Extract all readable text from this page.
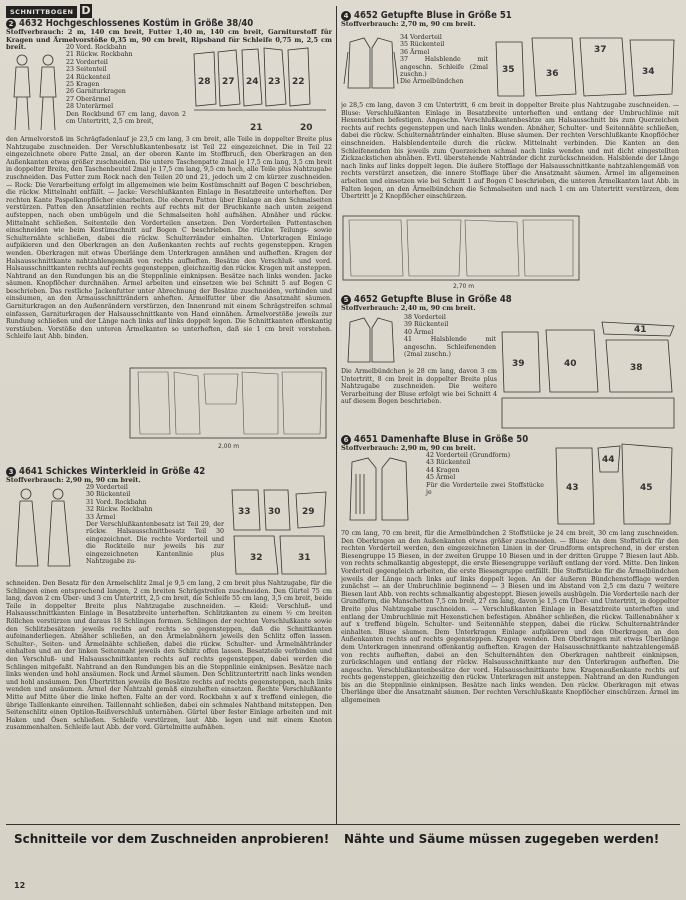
SCHNITTBOGEN D
2 4632 Hochgeschlossenes Kostüm in Größe 38/40
Stoffverbrauch: 2 m, 140 cm breit, Futter 1,40 m, 140 cm breit, Garniturstoff für Kragen und Ärmelvorstöße 0,35 m, 90 cm breit, Ripsband für Schleife 0,75 m, 2,5 cm breit.	20 Vord. Rockbahn
21 Rückw. Rockbahn
22 Vorderteil
23 Seitenteil
24 Rückenteil
25 Kragen
26 Garniturkragen
27 Oberärmel
28 Unterärmel
Den Rockbund 67 cm lang, davon 2 cm Untertritt, 2,5 cm breit,
28 27 24 23 22
21	20
den Ärmelvorstoß im Schrägfadenlauf je 23,5 cm lang, 3 cm breit, alle Teile in doppelter Breite plus Nahtzugabe zuschneiden. Der Verschlußkantenbesatz ist Teil 22 eingezeichnet. Die in Teil 22 eingezeichnete obere Patte 2mal, an der oberen Kante im Stoffbruch, den Oberkragen an den Außenkanten etwas größer zuschneiden. Die untere Taschenpatte 2mal je 17,5 cm lang, 3,5 cm breit in doppelter Breite, den Taschenbeutel 2mal je 17,5 cm lang, 9,5 cm hoch, alle Teile plus Nahtzugabe zuschneiden. Das Futter zum Rock nach den Teilen 20 und 21, jedoch um 2 cm kürzer zuschneiden. — Rock: Die Verarbeitung erfolgt im allgemeinen wie beim Kostümschnitt auf Bogen C beschrieben, die rückw. Mittelnaht entfällt. — Jacke: Verschlußkanten Einlage in Besatzbreite unterheften. Der rechten Kante Paspelknopflöcher einarbeiten. Die oberen Patten über Einlage an den Schmalseiten verstürzen. Patten den Ansatzlinien rechts auf rechts mit der Bruchkante nach unten zeigend aufsteppen, nach oben umbügeln und die Schmalseiten hohl aufnähen. Abnäher und rückw. Mittelnaht schließen. Seitenteile den Vorderteilen ansetzen. Den Vorderteilen Pattentaschen einschneiden wie beim Kostümschnitt auf Bogen C beschrieben. Die rückw. Teilungs- sowie Schulternähte schließen, dabei die rückw. Schulterränder einhalten. Unterkragen Einlage aufpikieren und den Oberkragen an den Außenkanten rechts auf rechts gegensteppen. Kragen wenden. Oberkragen mit etwas Überlänge dem Unterkragen annähen und aufheften. Kragen der Halsausschnittkante nahtzahlengemäß von rechts aufheften. Besätze den Verschluß- und vord. Halsausschnittkanten rechts auf rechts gegensteppen, gleichzeitig den rückw. Kragen mit ansteppen. Nahtrand an den Rundungen bis an die Steppnlinie einknipsen. Besätze nach links wenden. Jacke säumen. Knopflöcher durchnähen. Ärmel arbeiten und einsetzen wie bei Schnitt 5 auf Bogen C beschrieben. Das restliche Jackenfutter unter Abrechnung der Besätze zuschneiden, verbinden und einsäumen, an den Armausschnitträndern anheften. Ärmelfutter über die Ansatznaht säumen. Garniturkragen an den Außenrändern verstürzen, den Innenrand mit einem Schrägstreifen schmal einfassen, Garniturkragen der Halsausschnittkante von Hand einnähen. Ärmelvorstöße jeweils zur Rundung schließen und der Länge nach links auf links doppelt legen. Die Schnittkanten offenkantig verstäuben. Vorstöße den unteren Ärmelkanten so unterheften, daß sie 1 cm breit vorstehen. Schleife laut Abb. binden.
2,00 m
3 4641 Schickes Winterkleid in Größe 42
Stoffverbrauch: 2,90 m, 90 cm breit.
29 Vorderteil
30 Rückenteil
31 Vord. Rockbahn
32 Rückw. Rockbahn
33 Ärmel
Der Verschlußkantenbesatz ist Teil 29, der rückw. Halsausschnittbesatz Teil 30 eingezeichnet. Die rechte Vorderteil und die Rockteile nur jeweils bis zur eingezeichneten Kantenlinie plus Nahtzugabe zu-
33 30 29
32	31
schneiden. Den Besatz für den Ärmelschlitz 2mal je 9,5 cm lang, 2 cm breit plus Nahtzugabe, für die Schlingen einen entsprechend langen, 2 cm breiten Schrägstreifen zuschneiden. Den Gürtel 75 cm lang, davon 2 cm Über- und 3 cm Untertritt, 2,5 cm breit, die Schleife 55 cm lang, 3,5 cm breit, beide Teile in doppelter Breite plus Nahtzugabe zuschneiden. — Kleid: Verschluß- und Halsausschnittkanten Einlage in Besatzbreite unterheften. Schlitzkanten zu einem ½ cm breiten Röllchen verstürzen und daraus 18 Schlingen formen. Schlingen der rechten Verschlußkante sowie den Schlitzbesätzen jeweils rechts auf rechts so gegensteppen, daß die Schnittkanten aufeinanderliegen. Abnäher schließen, an den Ärmelabnähern jeweils den Schlitz offen lassen. Schulter-, Seiten- und Ärmelnähte schließen, dabei die rückw. Schulter- und Ärmelnähtränder einhalten und an der linken Seitennaht jeweils den Schlitz offen lassen. Besatzteile verbinden und den Verschluß- und Halsausschnittkanten rechts auf rechts gegensteppen, dabei werden die Schlingen mitgefaßt. Nahtrand an den Rundungen bis an die Steppnlinie einknipsen. Besätze nach links wenden und hohl ansäumen. Rock und Ärmel säumen. Den Schlitzuntertritt nach links wenden und hohl ansäumen. Den Übertritten jeweils die Besätze rechts auf rechts gegensteppen, nach links wenden und ansäumen. Ärmel der Nahtzahl gemäß einzuheften einsetzen. Rechte Verschlußkante Mitte auf Mitte über die linke heften. Falte an der vord. Rockbahn x auf x treffend einlegen, die übrige Taillenkante einreihen. Taillennaht schließen, dabei ein schmales Nahtband mitsteppen. Den Seitenschlitz einen Optilon-Reißverschluß unternähen. Gürtel über fester Einlage arbeiten und mit Haken und Ösen schließen. Schleife verstürzen, laut Abb. legen und mit einem Knoten zusammenhalten. Schleife laut Abb. der vord. Gürtelmitte aufnähen.
4 4652 Getupfte Bluse in Größe 51
Stoffverbrauch: 2,70 m, 90 cm breit.
34 Vorderteil
35 Rückenteil
36 Ärmel
37 Halsblende mit angeschn. Schleife (2mal zuschn.)
Die Ärmelbündchen
35	36
37
34
je 28,5 cm lang, davon 3 cm Untertritt, 6 cm breit in doppelter Breite plus Nahtzugabe zuschneiden. — Bluse: Verschlußkanten Einlage in Besatzbreite unterheften und entlang der Umbruchlinie mit Hexenstichen befestigen. Angeschn. Verschlußkantenbesätze am Halsausschnitt bis zum Querzeichen rechts auf rechts gegensteppen und nach links wenden. Abnäher, Schulter- und Seitennähte schließen, dabei die rückw. Schulternahtränder einhalten. Bluse säumen. Der rechten Verschlußkante Knopflöcher einschneiden. Halsblendenteile durch die rückw. Mittelnaht verbinden. Die Kanten an den Schleifenenden bis jeweils zum Querzeichen schmal nach links wenden und mit dicht eingestellten Zickzackstichen abnähen. Evtl. überstehende Nahtränder dicht zurückschneiden. Halsblende der Länge nach links auf links doppelt legen. Die äußere Stofflage der Halsausschnittkante nahtzahlengemäß von rechts verstürzt ansetzen, die innere Stofflage über die Ansatznaht säumen. Ärmel im allgemeinen arbeiten und einsetzen wie bei Schnitt 1 auf Bogen C beschrieben, die unteren Ärmelkanten laut Abb. in Falten legen, an den Ärmelbündchen die Schmalseiten und nach 1 cm am Untertritt verstürzen, dem Übertritt je 2 Knopflöcher einschürzen.
2,70 m
5 4652 Getupfte Bluse in Größe 48
Stoffverbrauch: 2,40 m, 90 cm breit.
38 Vorderteil
39 Rückenteil
40 Ärmel
41 Halsblende mit angeschn. Schleifenenden (2mal zuschn.)
Die Ärmelbündchen je 28 cm lang, davon 3 cm Untertritt, 8 cm breit in doppelter Breite plus Nahtzugabe zuschneiden. Die weitere Verarbeitung der Bluse erfolgt wie bei Schnitt 4 auf diesem Bogen beschrieben.
39	40
41
38
6 4651 Damenhafte Bluse in Größe 50
Stoffverbrauch: 2,90 m, 90 cm breit.
42 Vorderteil (Grundform)
43 Rückenteil
44 Kragen
45 Ärmel
Für die Vorderteile zwei Stoffstücke je	43
44
45
70 cm lang, 70 cm breit, für die Ärmelbündchen 2 Stoffstücke je 24 cm breit, 30 cm lang zuschneiden. Den Oberkragen an den Außenkanten etwas größer zuschneiden. — Bluse: An dem Stoffstück für den rechten Vorderteil werden, den eingezeichneten Linien in der Grundform entsprechend, in der ersten Biesengruppe 15 Biesen, in der zweiten Gruppe 10 Biesen und in der dritten Gruppe 7 Biesen laut Abb. von rechts schmalkantig abgesteppt, die erste Biesengruppe verläuft entlang der vord. Mitte. Den linken Vorderteil gegengleich arbeiten, die erste Biesengruppe entfällt. Die Stoffstücke für die Ärmelbündchen jeweils der Länge nach links auf links doppelt legen. An der äußeren Bündchenstofflage werden zunächst — an der Umbruchlinie beginnend — 3 Biesen und im Abstand von 2,5 cm dazu 7 weitere Biesen laut Abb. von rechts schmalkantig abgesteppt. Biesen jeweils ausbügeln. Die Vorderteile nach der Grundform, die Manschetten 7,5 cm breit, 27 cm lang, davon je 1,5 cm Über- und Untertritt, in doppelter Breite plus Nahtzugabe zuschneiden. — Verschlußkanten Einlage in Besatzbreite unterheften und entlang der Umbruchlinie mit Hexenstichen befestigen. Abnäher schließen, die rückw. Taillenabnäher x auf x treffend bügeln. Schulter- und Seitennähte steppen, dabei die rückw. Schulternahtränder einhalten. Bluse säumen. Dem Unterkragen Einlage aufpikieren und den Oberkragen an den Außenkanten rechts auf rechts gegensteppen. Kragen wenden. Den Oberkragen mit etwas Überlänge dem Unterkragen innenrand offenkantig aufheften. Kragen der Halsausschnittkante nahtzahlengemäß von rechts aufheften, dabei an den Schulternähten den Oberkragen nahtbreit einknipsen, zurückschlagen und entlang der rückw. Halsausschnittkante nur den Unterkragen aufheften. Die angeschn. Verschlußkantenbesätze der vord. Halsausschnittkante bzw. Kragenaußenkante rechts auf rechts gegensteppen, gleichzeitig den rückw. Unterkragen mit ansteppen. Nahtrand an den Rundungen bis an die Steppnlinie einknipsen. Besätze nach links wenden. Den rückw. Oberkragen mit etwas Überlänge über die Ansatznaht säumen. Der rechten Verschlußkante Knopflöcher einschürzen. Ärmel im allgemeinen
Schnitteile vor dem Zuschneiden anprobieren! Nähte und Säume müssen zugegeben werden!
12
